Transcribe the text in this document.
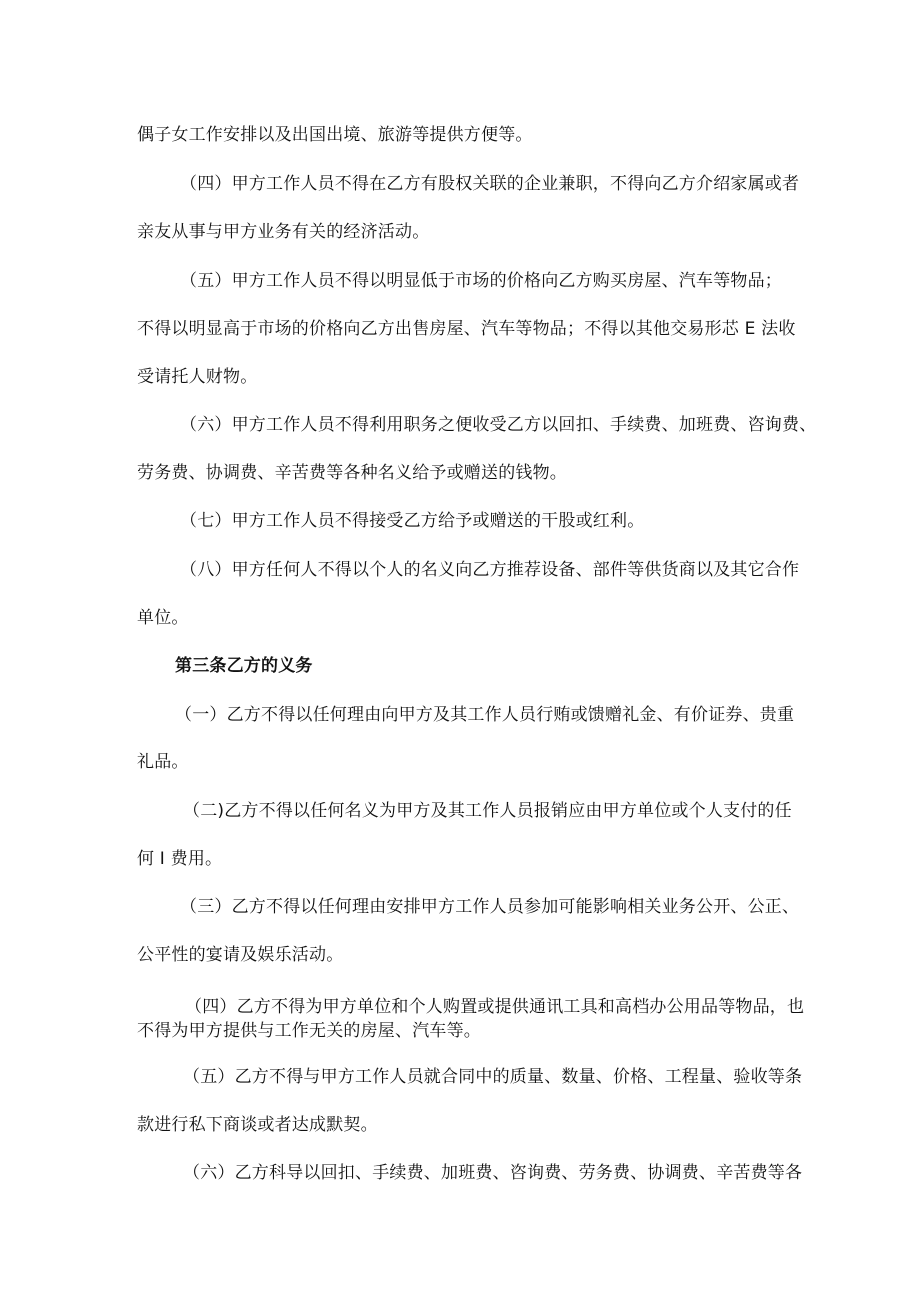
偶子女工作安排以及出国出境、旅游等提供方便等。
（四）甲方工作人员不得在乙方有股权关联的企业兼职，不得向乙方介绍家属或者
亲友从事与甲方业务有关的经济活动。
（五）甲方工作人员不得以明显低于市场的价格向乙方购买房屋、汽车等物品；
不得以明显高于市场的价格向乙方出售房屋、汽车等物品；不得以其他交易形芯 E 法收
受请托人财物。
（六）甲方工作人员不得利用职务之便收受乙方以回扣、手续费、加班费、咨询费、
劳务费、协调费、辛苦费等各种名义给予或赠送的钱物。
（七）甲方工作人员不得接受乙方给予或赠送的干股或红利。
（八）甲方任何人不得以个人的名义向乙方推荐设备、部件等供货商以及其它合作
单位。
第三条乙方的义务
（一）乙方不得以任何理由向甲方及其工作人员行贿或馈赠礼金、有价证券、贵重
礼品。
（二)乙方不得以任何名义为甲方及其工作人员报销应由甲方单位或个人支付的任
何 I 费用。
（三）乙方不得以任何理由安排甲方工作人员参加可能影响相关业务公开、公正、
公平性的宴请及娱乐活动。
（四）乙方不得为甲方单位和个人购置或提供通讯工具和高档办公用品等物品，也
不得为甲方提供与工作无关的房屋、汽车等。
（五）乙方不得与甲方工作人员就合同中的质量、数量、价格、工程量、验收等条
款进行私下商谈或者达成默契。
（六）乙方科导以回扣、手续费、加班费、咨询费、劳务费、协调费、辛苦费等各
